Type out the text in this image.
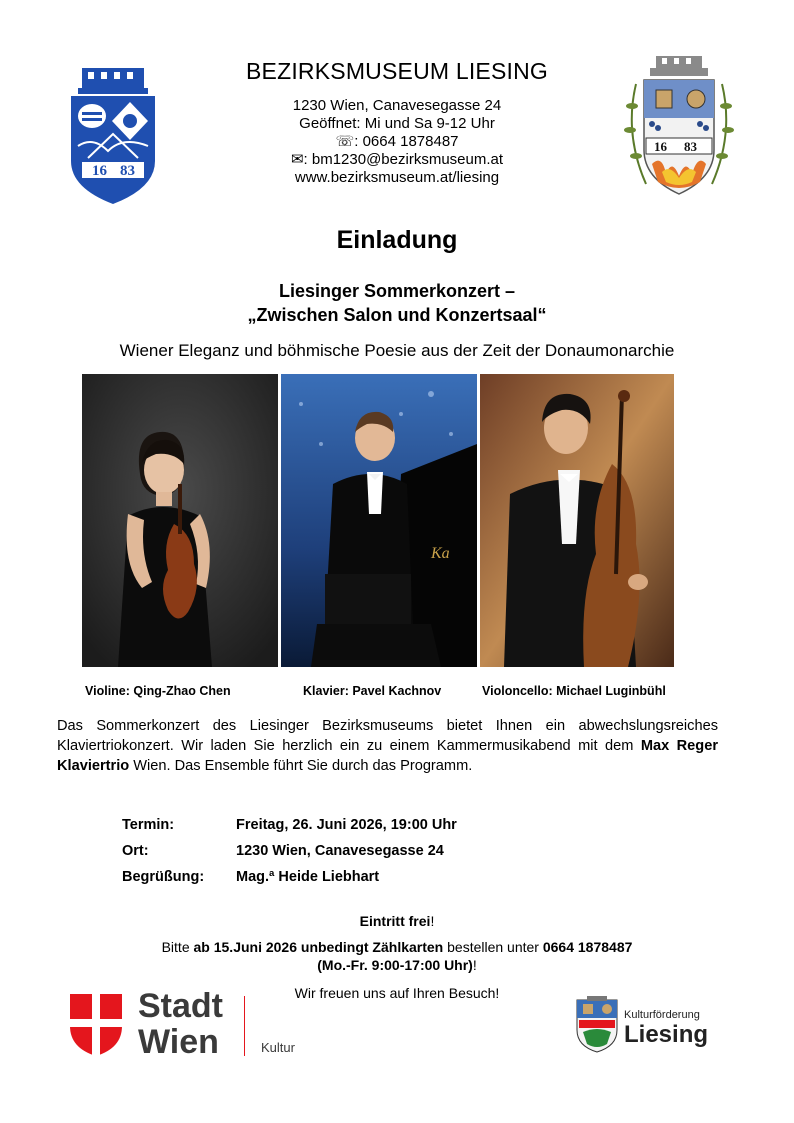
16 83
BEZIRKSMUSEUM LIESING
1230 Wien, Canavesegasse 24
Geöffnet: Mi und Sa 9-12 Uhr
☏: 0664 1878487
✉: bm1230@bezirksmuseum.at
www.bezirksmuseum.at/liesing
16 83
Einladung
Liesinger Sommerkonzert –
„Zwischen Salon und Konzertsaal“
Wiener Eleganz und böhmische Poesie aus der Zeit der Donaumonarchie
Ka
Violine: Qing-Zhao Chen	Klavier: Pavel Kachnov	Violoncello: Michael Luginbühl
Das Sommerkonzert des Liesinger Bezirksmuseums bietet Ihnen ein abwechslungsreiches Klaviertriokonzert. Wir laden Sie herzlich ein zu einem Kammermusikabend mit dem Max Reger Klaviertrio Wien. Das Ensemble führt Sie durch das Programm.
Termin:	Freitag, 26. Juni 2026, 19:00 Uhr
Ort:	1230 Wien, Canavesegasse 24
Begrüßung: Mag.ª Heide Liebhart
Eintritt frei!
Bitte ab 15.Juni 2026 unbedingt Zählkarten bestellen unter 0664 1878487
(Mo.-Fr. 9:00-17:00 Uhr)!
Wir freuen uns auf Ihren Besuch!
Stadt
Wien	Kultur
Kulturförderung
Liesing
